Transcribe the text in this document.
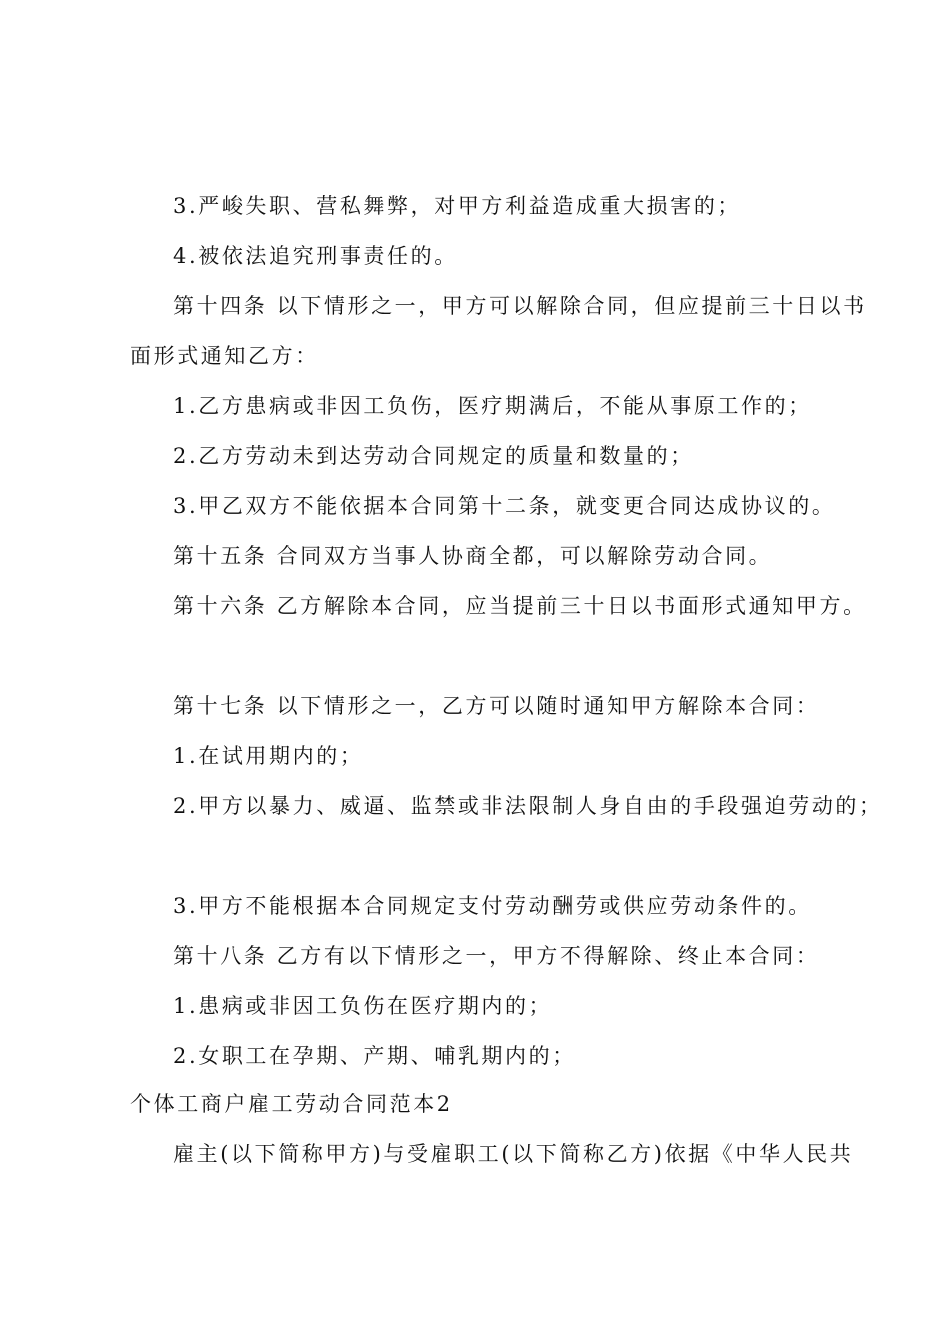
3.严峻失职、营私舞弊，对甲方利益造成重大损害的；
4.被依法追究刑事责任的。
第十四条 以下情形之一，甲方可以解除合同，但应提前三十日以书
面形式通知乙方：
1.乙方患病或非因工负伤，医疗期满后，不能从事原工作的；
2.乙方劳动未到达劳动合同规定的质量和数量的；
3.甲乙双方不能依据本合同第十二条，就变更合同达成协议的。
第十五条 合同双方当事人协商全都，可以解除劳动合同。
第十六条 乙方解除本合同，应当提前三十日以书面形式通知甲方。
第十七条 以下情形之一，乙方可以随时通知甲方解除本合同：
1.在试用期内的；
2.甲方以暴力、威逼、监禁或非法限制人身自由的手段强迫劳动的；
3.甲方不能根据本合同规定支付劳动酬劳或供应劳动条件的。
第十八条 乙方有以下情形之一，甲方不得解除、终止本合同：
1.患病或非因工负伤在医疗期内的；
2.女职工在孕期、产期、哺乳期内的；
个体工商户雇工劳动合同范本2
雇主(以下简称甲方)与受雇职工(以下简称乙方)依据《中华人民共
